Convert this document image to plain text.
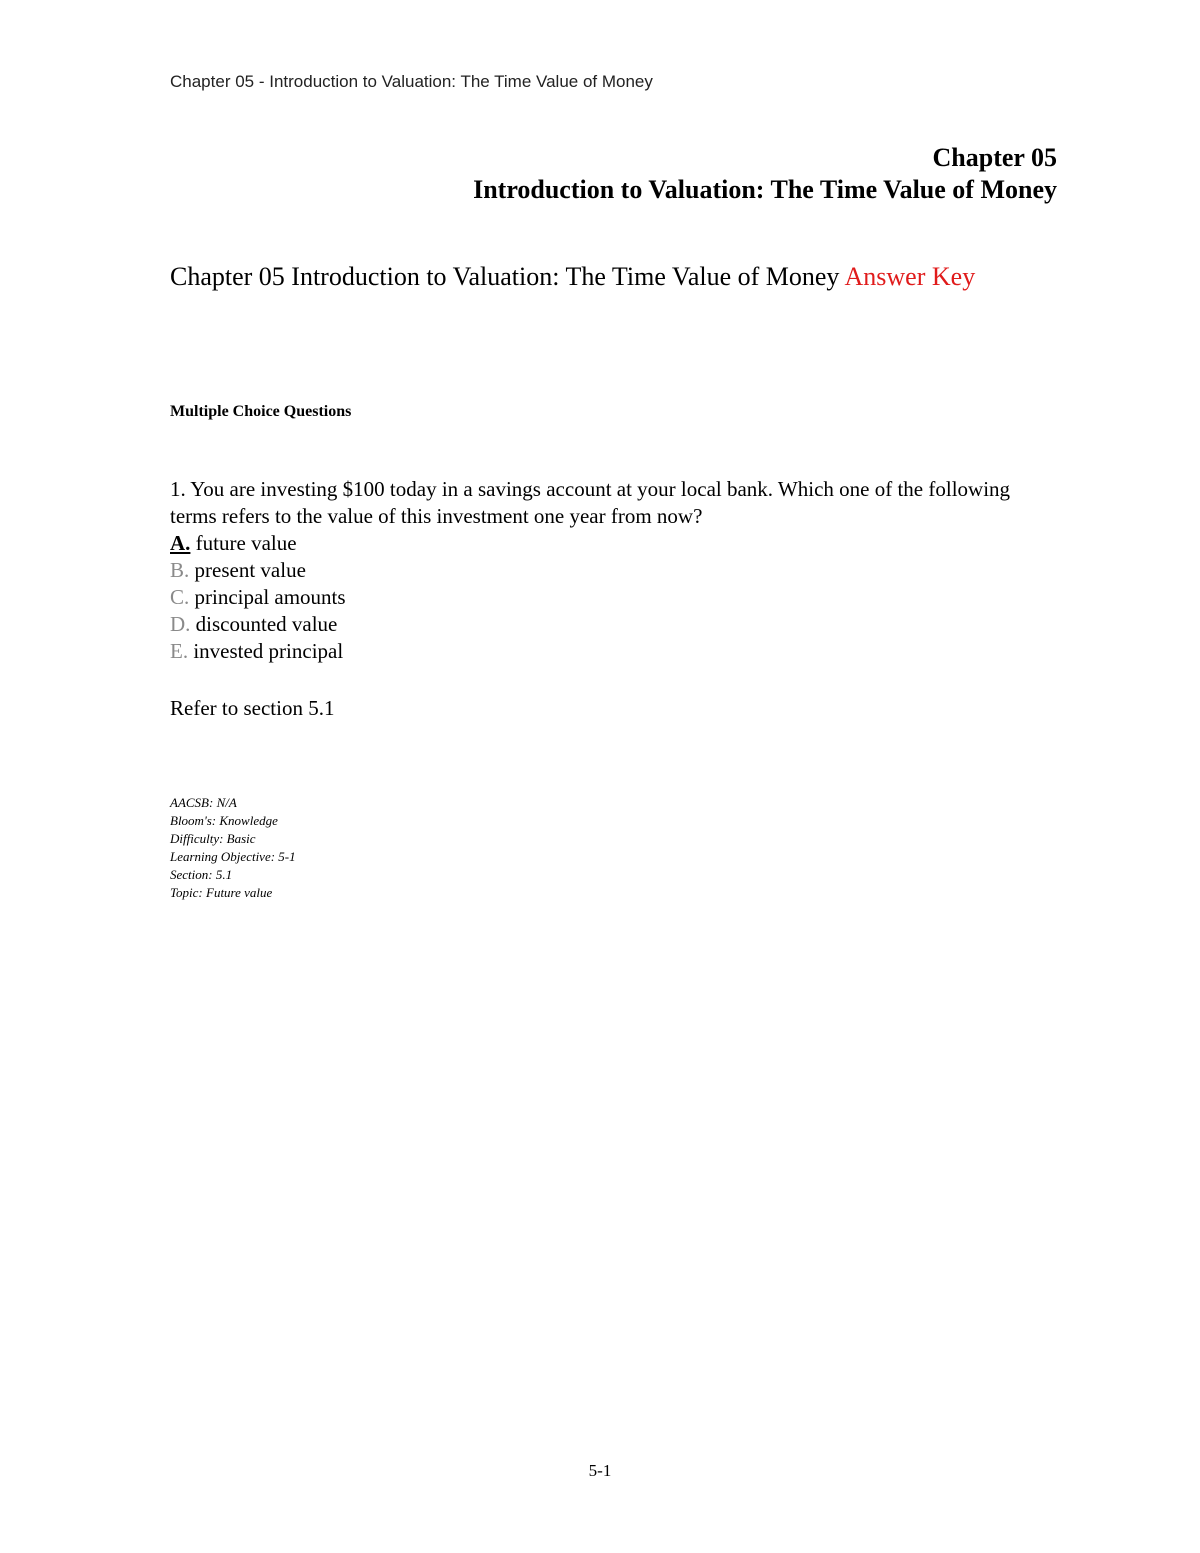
Chapter 05 - Introduction to Valuation: The Time Value of Money
Chapter 05
Introduction to Valuation: The Time Value of Money
Chapter 05 Introduction to Valuation: The Time Value of Money Answer Key
Multiple Choice Questions

1. You are investing $100 today in a savings account at your local bank. Which one of the following terms refers to the value of this investment one year from now?

A. future value
B. present value
C. principal amounts
D. discounted value
E. invested principal
Refer to section 5.1
AACSB: N/A
Bloom's: Knowledge
Difficulty: Basic
Learning Objective: 5-1
Section: 5.1
Topic: Future value
5-1
